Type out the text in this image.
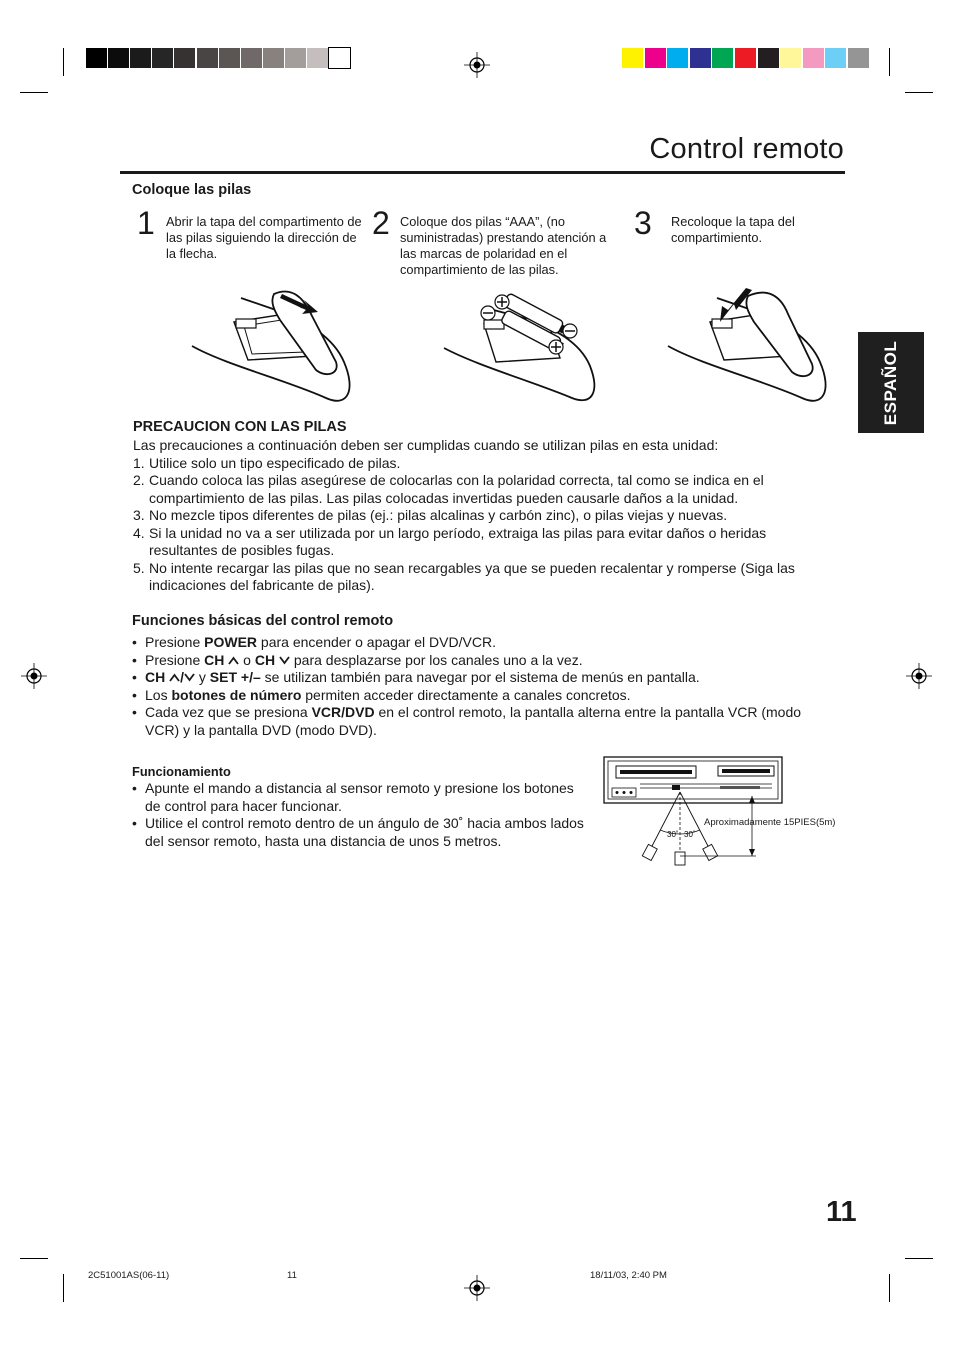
Control remoto
ESPAÑOL
Coloque las pilas
1 Abrir la tapa del compartimento de las pilas siguiendo la dirección de la flecha.
2 Coloque dos pilas “AAA”, (no suministradas) prestando atención a las marcas de polaridad en el compartimiento de las pilas.
3 Recoloque la tapa del compartimiento.
PRECAUCION CON LAS PILAS
Las precauciones a continuación deben ser cumplidas cuando se utilizan pilas en esta unidad:
1. Utilice solo un tipo especificado de pilas.
2. Cuando coloca las pilas asegúrese de colocarlas con la polaridad correcta, tal como se indica en el compartimiento de las pilas. Las pilas colocadas invertidas pueden causarle daños a la unidad.
3. No mezcle tipos diferentes de pilas (ej.: pilas alcalinas y carbón zinc), o pilas viejas y nuevas.
4. Si la unidad no va a ser utilizada por un largo período, extraiga las pilas para evitar daños o heridas resultantes de posibles fugas.
5. No intente recargar las pilas que no sean recargables ya que se pueden recalentar y romperse (Siga las indicaciones del fabricante de pilas).
Funciones básicas del control remoto
• Presione POWER para encender o apagar el DVD/VCR.
• Presione CH  o CH  para desplazarse por los canales uno a la vez.
• CH / y SET +/– se utilizan también para navegar por el sistema de menús en pantalla.
• Los botones de número permiten acceder directamente a canales concretos.
• Cada vez que se presiona VCR/DVD en el control remoto, la pantalla alterna entre la pantalla VCR (modo VCR) y la pantalla DVD (modo DVD).
Funcionamiento
• Apunte el mando a distancia al sensor remoto y presione los botones de control para hacer funcionar.
• Utilice el control remoto dentro de un ángulo de 30˚ hacia ambos lados del sensor remoto, hasta una distancia de unos 5 metros.	30˚ 30˚
Aproximadamente 15PIES(5m)
11
2C51001AS(06-11)	11	18/11/03, 2:40 PM
